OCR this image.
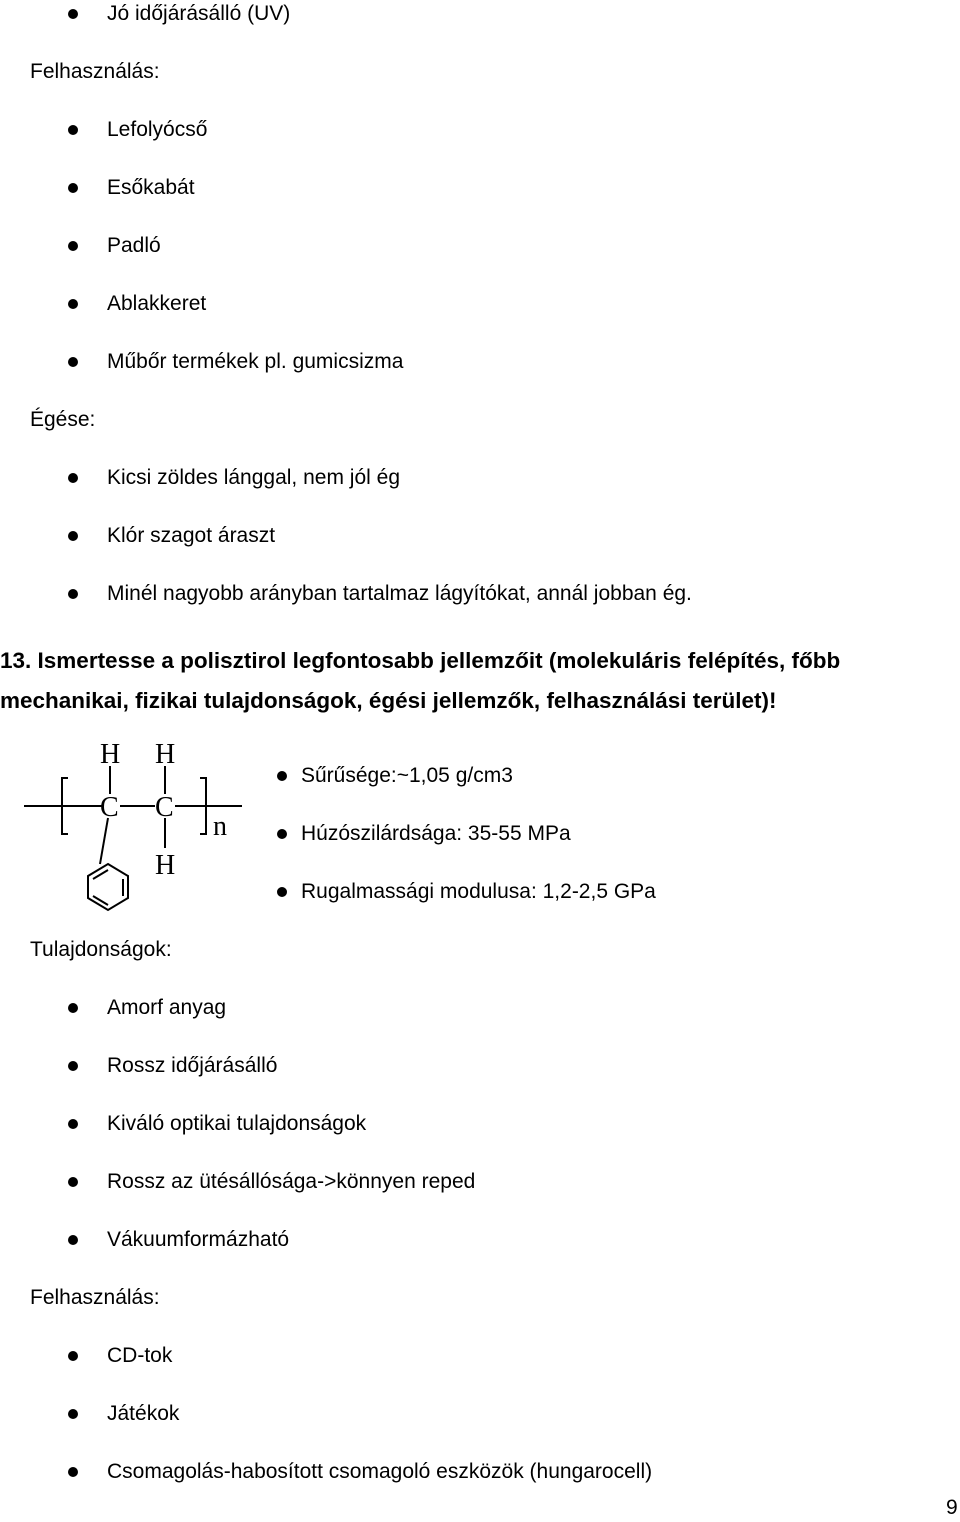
Jó időjárásálló (UV)
Felhasználás:
Lefolyócső
Esőkabát
Padló
Ablakkeret
Műbőr termékek pl. gumicsizma
Égése:
Kicsi zöldes lánggal, nem jól ég
Klór szagot áraszt
Minél nagyobb arányban tartalmaz lágyítókat, annál jobban ég.
13. Ismertesse a polisztirol legfontosabb jellemzőit (molekuláris felépítés, főbb
mechanikai, fizikai tulajdonságok, égési jellemzők, felhasználási terület)!
H H
C C
H
n
Sűrűsége:~1,05 g/cm3
Húzószilárdsága: 35-55 MPa
Rugalmassági modulusa: 1,2-2,5 GPa
Tulajdonságok:
Amorf anyag
Rossz időjárásálló
Kiváló optikai tulajdonságok
Rossz az ütésállósága->könnyen reped
Vákuumformázható
Felhasználás:
CD-tok
Játékok
Csomagolás-habosított csomagoló eszközök (hungarocell)
9
